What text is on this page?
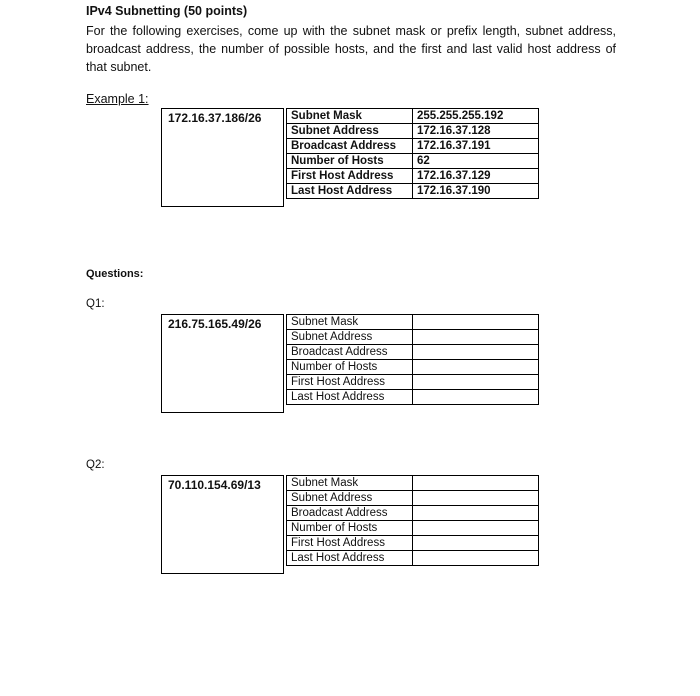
IPv4 Subnetting (50 points)
For the following exercises, come up with the subnet mask or prefix length, subnet address, broadcast address, the number of possible hosts, and the first and last valid host address of that subnet.
Example 1:
172.16.37.186/26	Subnet Mask	255.255.255.192
Subnet Address	172.16.37.128
Broadcast Address	172.16.37.191
Number of Hosts	62
First Host Address	172.16.37.129
Last Host Address	172.16.37.190
Questions:
Q1:
216.75.165.49/26	Subnet Mask	
Subnet Address	
Broadcast Address	
Number of Hosts	
First Host Address	
Last Host Address	
Q2:
70.110.154.69/13	Subnet Mask	
Subnet Address	
Broadcast Address	
Number of Hosts	
First Host Address	
Last Host Address	
